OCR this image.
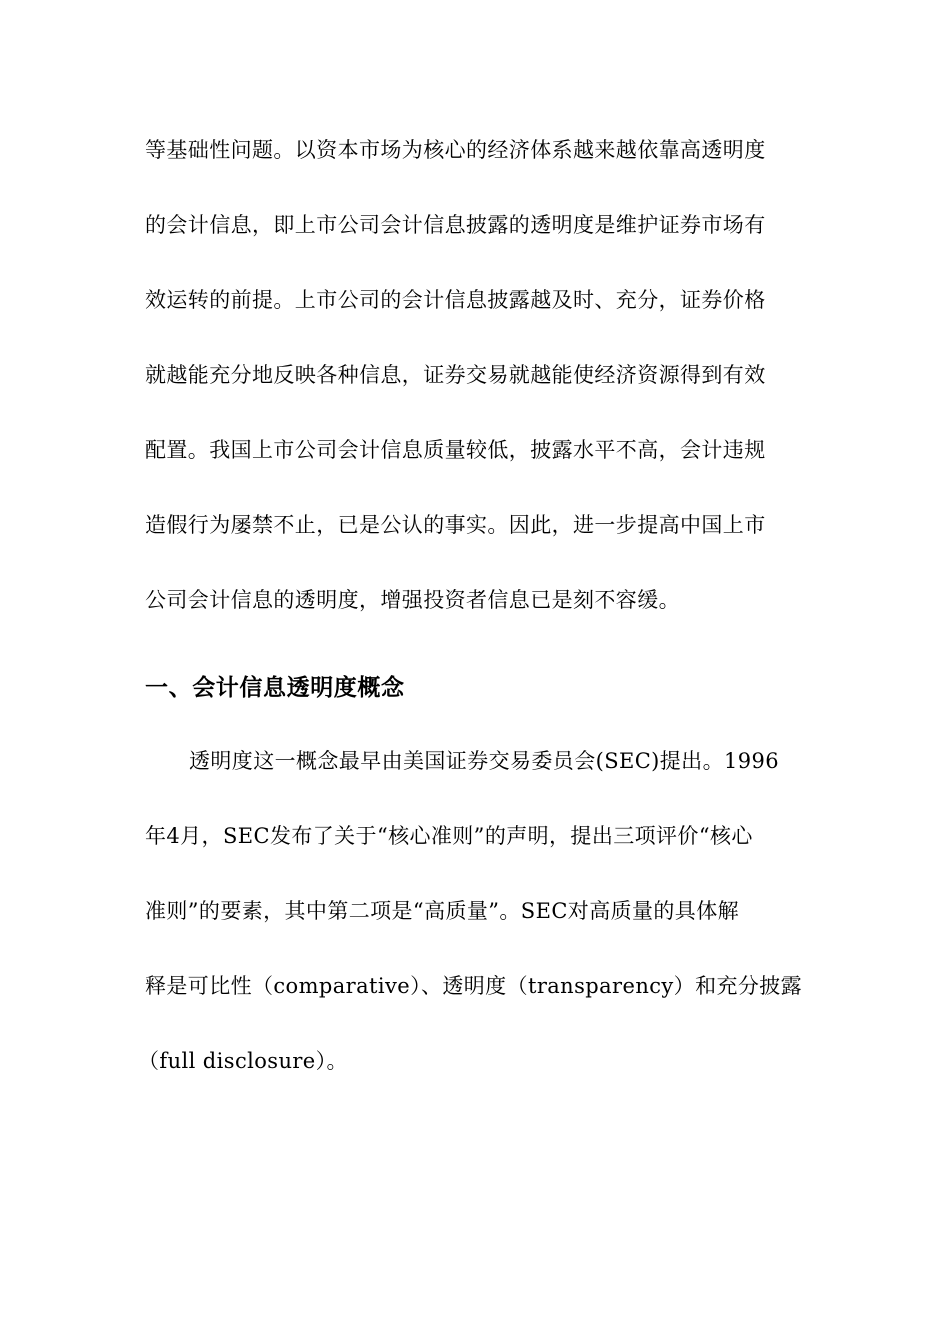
等基础性问题。以资本市场为核心的经济体系越来越依靠高透明度
的会计信息，即上市公司会计信息披露的透明度是维护证券市场有
效运转的前提。上市公司的会计信息披露越及时、充分，证券价格
就越能充分地反映各种信息，证券交易就越能使经济资源得到有效
配置。我国上市公司会计信息质量较低，披露水平不高，会计违规
造假行为屡禁不止，已是公认的事实。因此，进一步提高中国上市
公司会计信息的透明度，增强投资者信息已是刻不容缓。
一、会计信息透明度概念
透明度这一概念最早由美国证券交易委员会(SEC)提出。1996
年4月，SEC发布了关于“核心准则”的声明，提出三项评价“核心
准则”的要素，其中第二项是“高质量”。SEC对高质量的具体解
释是可比性（comparative）、透明度（transparency）和充分披露
（full disclosure）。
